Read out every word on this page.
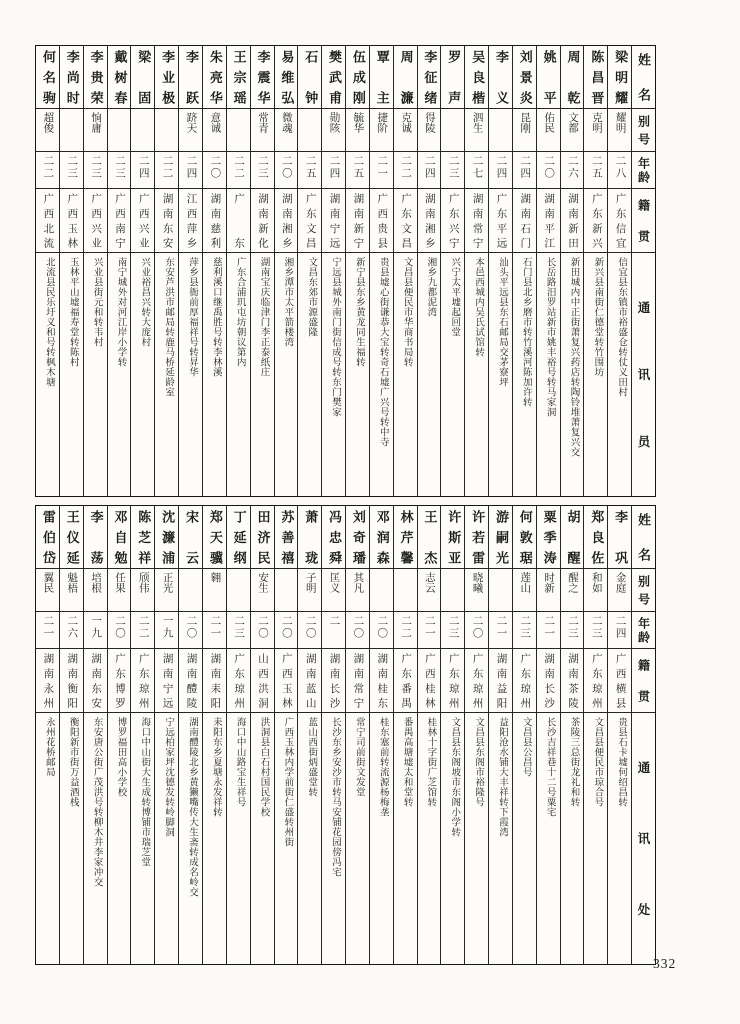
姓名
别号
年龄
籍贯
通讯员
梁明耀
耀明
二八
广东信宜
信宜县东镇市裕盛仓转仗义田村
陈昌晋
克明
二五
广东新兴
新兴县南街仁德堂转竹围坊
周乾
文都
二六
湖南新田
新田城内中正街萧复兴药店转陶铃堆萧复兴交
姚平
佑民
二〇
湖南平江
长岳路汨罗站新市姚丰裕号转马家洞
刘景炎
昆刚
二四
湖南石门
石门县北乡磨市转竹溪河陈加许转
李义
二四
广东平远
汕头平远县东石邮局交茅寮坪
吴良楷
泗生
二七
湖南常宁
本邑西城内吴氏试馆转
罗声
二三
广东兴宁
兴宁太平墟起回堂
李征绪
得陵
二四
湖南湘乡
湘乡九都泥湾
周濂
克诚
二二
广东文昌
文昌县便民市华商书局转
覃主
捷阶
二一
广西贵县
贵县墟心街谦恭大宝转奇石墟广兴号转中寺
伍成刚
毓华
二五
湖南新宁
新宁县东乡黄龙同生福转
樊武甫
勋陔
二四
湖南宁远
宁远县城外南门街信成号转东门樊家
石钟
二五
广东文昌
文昌东郊市源盛隆
易维弘
微魂
二〇
湖南湘乡
湘乡潭市太平箭楼湾
李震华
常青
二三
湖南新化
湖南宝庆临津门李正泰纸庄
王宗瑶
二二
广东
广东合浦玑屯坊朝议第内
朱亮华
意诚
二〇
湖南慈利
慈利溪口继禹胜号转李林溪
李跃
跻天
二四
江西萍乡
萍乡县衙前厚福祥号转昇华
李业极
二二
湖南东安
东安芦洪市邮局转鹿马桥延龄室
梁固
二四
广西兴业
兴业裕昌兴转大庞村
戴树春
二三
广西南宁
南宁城外对河江岸小学转
李贵荣
恦庸
二三
广西兴业
兴业县街元和转韦村
李尚时
二三
广西玉林
玉林平山墟福寿堂转陈村
何名驹
超俊
二二
广西北流
北流县民乐圩义和号转枫木塘
姓名
别号
年龄
籍贯
通讯处
李巩
金庭
二四
广西横县
贵县石卡墟何绍昌转
郑良佐
和如
二三
广东琼州
文昌县便民市琼合号
胡醒
醒之
二三
湖南茶陵
茶陵三总街龙礼和转
粟季涛
时新
二一
湖南长沙
长沙吉祥巷十二号粟宅
何敦琚
莲山
二三
广东琼州
文昌县公昌号
游嗣光
二一
湖南益阳
益阳沧水铺大丰祥转下霞湾
许若雷
晓曦
二〇
广东琼州
文昌县东阁市裕隆号
许斯亚
二三
广东琼州
文昌县东阁坡市东阁小学转
王杰
志云
二一
广西桂林
桂林十字街广芝馆转
林芹馨
二二
广东番禺
番禺高塘墟太和堂转
邓润森
二〇
湖南桂东
桂东塞前转流源杨梅垄
刘奇璠
其凡
二〇
湖南常宁
常宁司前街文发堂
冯忠舜
匡义
二
湖南长沙
长沙东乡安沙市转马安铺花园傍冯宅
萧珑
子明
二〇
湖南蓝山
蓝山西街炳盛堂转
苏善禧
二〇
广西玉林
广西玉林内学前街仁盛转州街
田济民
安生
二〇
山西洪洞
洪洞县白石村国民学校
丁延纲
二三
广东琼州
海口中山路宝生祥号
郑天骥
翱
二一
湖南耒阳
耒阳东乡夏塘永发祥转
宋云
二〇
湖南醴陵
湖南醴陵北乡黄獭嘴传大生斋转成名岭交
沈濂浦
正光
一九
湖南宁远
宁远柏家坪沈德发转岭脚洞
陈芝祥
颀伟
二二
广东琼州
海口中山街大生成转博铺市瑞芝堂
邓自勉
任果
二〇
广东博罗
博罗福田高小学校
李荡
培根
一九
湖南东安
东安唐公街广茂洪号转柳木井李家冲交
王仪延
魁梧
二六
湖南衡阳
衡阳新市街万益酒栈
雷伯岱
翼民
二一
湖南永州
永州花桥邮局
332
